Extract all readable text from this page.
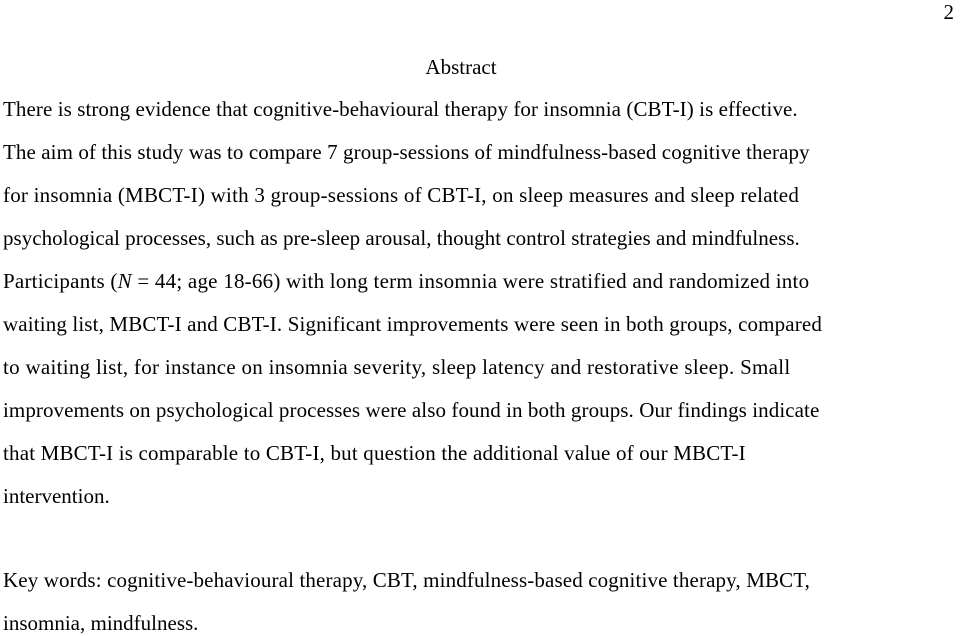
2
Abstract
There is strong evidence that cognitive-behavioural therapy for insomnia (CBT-I) is effective.
The aim of this study was to compare 7 group-sessions of mindfulness-based cognitive therapy
for insomnia (MBCT-I) with 3 group-sessions of CBT-I, on sleep measures and sleep related
psychological processes, such as pre-sleep arousal, thought control strategies and mindfulness.
Participants (N = 44; age 18-66) with long term insomnia were stratified and randomized into
waiting list, MBCT-I and CBT-I. Significant improvements were seen in both groups, compared
to waiting list, for instance on insomnia severity, sleep latency and restorative sleep. Small
improvements on psychological processes were also found in both groups. Our findings indicate
that MBCT-I is comparable to CBT-I, but question the additional value of our MBCT-I
intervention.
Key words: cognitive-behavioural therapy, CBT, mindfulness-based cognitive therapy, MBCT,
insomnia, mindfulness.
